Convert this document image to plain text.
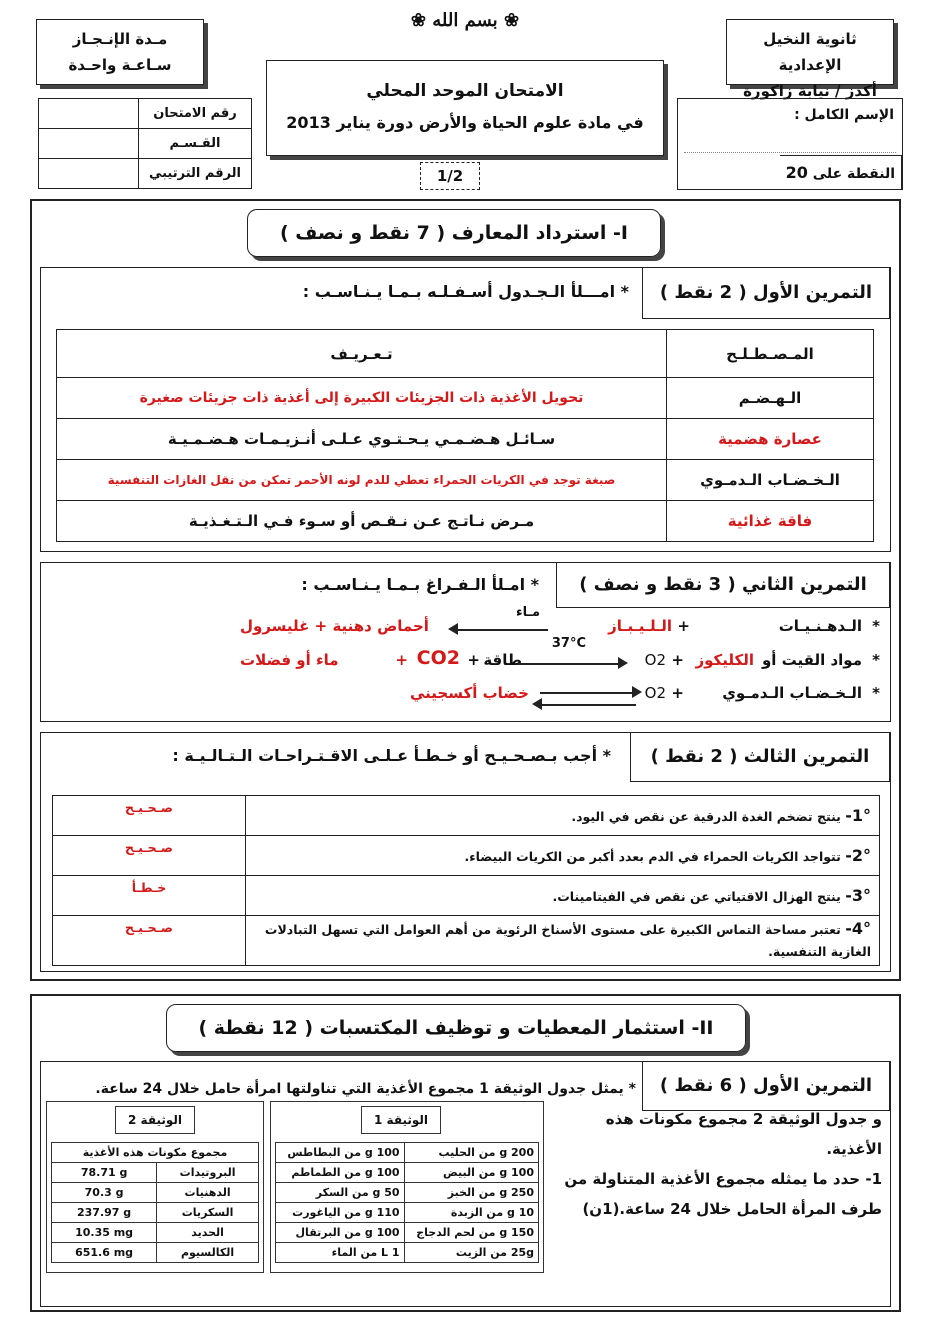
❀ بسم الله ❀
ثانوية النخيل الإعدادية
أكدز / نيابة زاكورة
مـدة الإنـجـاز
سـاعـة واحـدة
الامتحان الموحد المحلي
في مادة علوم الحياة والأرض دورة يناير 2013
1/2
الإسم الكامل :
النقطة على 20
رقم الامتحان	
القـسـم	
الرقم الترتيبي	
I- استرداد المعارف ( 7 نقط و نصف )
التمرين الأول ( 2 نقط )
* امـــلأ الـجـدول أسـفـلـه بـمـا يـنـاسـب :
المـصـطـلـح	تـعـريـف
الـهـضـم	تحويل الأغذية ذات الجزيئات الكبيرة إلى أغذية ذات جزيئات صغيرة
عصارة هضمية	سـائـل هـضـمـي يـحـتـوي عـلـى أنـزيـمـات هـضـمـيـة
الـخـضـاب الـدمـوي	صبغة توجد في الكريات الحمراء تعطي للدم لونه الأحمر تمكن من نقل الغازات التنفسية
فاقة غذائية	مـرض نـاتـج عـن نـقـص أو سـوء فـي الـتـغـذيـة
التمرين الثاني ( 3 نقط و نصف )
* امـلأ الـفـراغ بـمـا يـنـاسـب :
*
الـدهـنـيـات
+
الـلـيـبـاز
مـاء
أحماض دهنية + غليسرول
*
مواد القيت أو
الكليكوز
+
O2
37°C
طاقة
+
CO2
+
ماء أو فضلات
*
الـخـضـاب الـدمـوي
+
O2
خضاب أكسجيني
التمرين الثالث ( 2 نقط )
* أجب بـصـحـيـح أو خـطـأ عـلـى الاقـتـراحـات الـتـالـيـة :
1°- ينتج تضخم الغدة الدرقية عن نقص في اليود.	صـحـيـح
2°- تتواجد الكريات الحمراء في الدم بعدد أكبر من الكريات البيضاء.	صـحـيـح
3°- ينتج الهزال الاقتياتي عن نقص في الفيتامينات.	خـطـأ
4°- تعتبر مساحة التماس الكبيرة على مستوى الأسناخ الرئوية من أهم العوامل التي تسهل التبادلات الغازية التنفسية.	صـحـيـح
II- استثمار المعطيات و توظيف المكتسبات ( 12 نقطة )
التمرين الأول ( 6 نقط )
و جدول الوثيقة 2 مجموع مكونات هذه الأغذية.
1- حدد ما يمثله مجموع الأغذية المتناولة من طرف المرأة الحامل خلال 24 ساعة.(1ن)
* يمثل جدول الوثيقة 1 مجموع الأغذية التي تناولتها امرأة حامل خلال 24 ساعة.
الوثيقة 1
200 g من الحليب	100 g من البطاطس
100 g من البيض	100 g من الطماطم
250 g من الخبز	50 g من السكر
10 g من الزبدة	110 g من الياغورت
150 g من لحم الدجاج	100 g من البرتقال
25g من الزيت	1 L من الماء
الوثيقة 2
مجموع مكونات هذه الأغذية	
البروتيدات	78.71 g
الدهنيات	70.3 g
السكريات	237.97 g
الحديد	10.35 mg
الكالسيوم	651.6 mg
